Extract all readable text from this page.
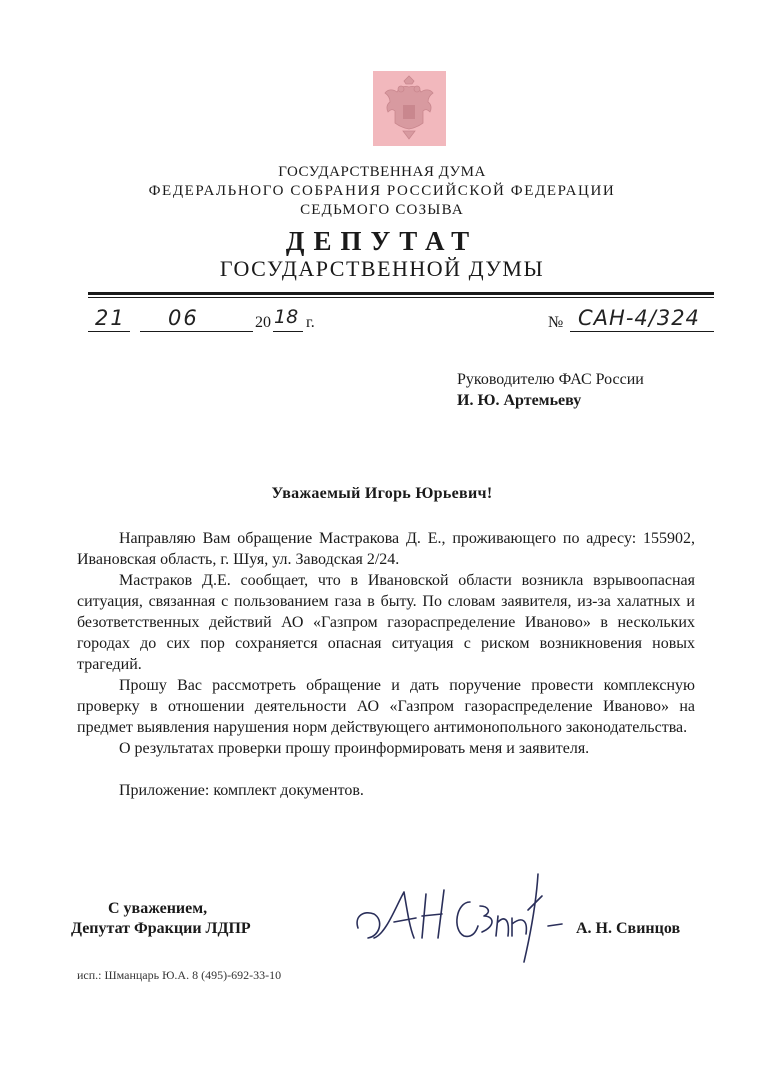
ГОСУДАРСТВЕННАЯ ДУМА
ФЕДЕРАЛЬНОГО СОБРАНИЯ РОССИЙСКОЙ ФЕДЕРАЦИИ
СЕДЬМОГО СОЗЫВА
ДЕПУТАТ
ГОСУДАРСТВЕННОЙ ДУМЫ
21 06	20 18 г.	№ САН-4/324
Руководителю ФАС России
И. Ю. Артемьеву
Уважаемый Игорь Юрьевич!

Направляю Вам обращение Мастракова Д. Е., проживающего по адресу: 155902, Ивановская область, г. Шуя, ул. Заводская 2/24.

Мастраков Д.Е. сообщает, что в Ивановской области возникла взрывоопасная ситуация, связанная с пользованием газа в быту. По словам заявителя, из-за халатных и безответственных действий АО «Газпром газораспределение Иваново» в нескольких городах до сих пор сохраняется опасная ситуация с риском возникновения новых трагедий.

Прошу Вас рассмотреть обращение и дать поручение провести комплексную проверку в отношении деятельности АО «Газпром газораспределение Иваново» на предмет выявления нарушения норм действующего антимонопольного законодательства.

О результатах проверки прошу проинформировать меня и заявителя.

Приложение: комплект документов.

С уважением,
Депутат Фракции ЛДПР	А. Н. Свинцов
исп.: Шманцарь Ю.А. 8 (495)-692-33-10
